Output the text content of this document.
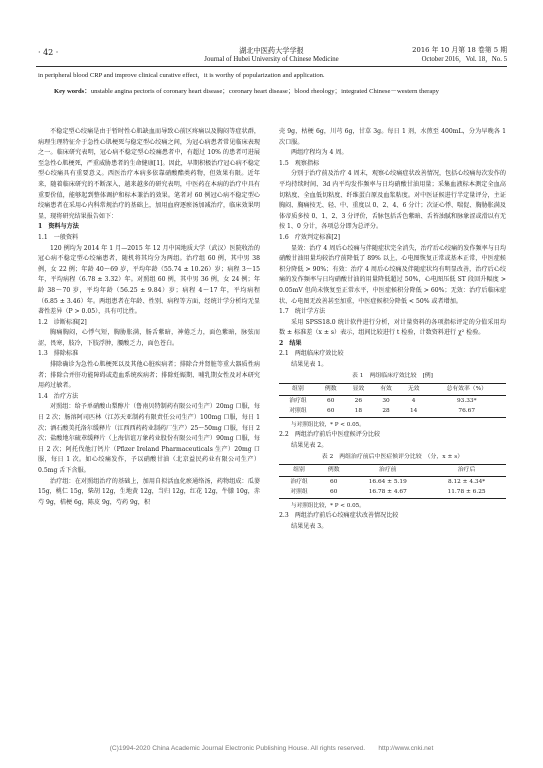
· 42 ·	湖北中医药大学学报
Journal of Hubei University of Chinese Medicine
2016 年 10 月第 18 卷第 5 期
October 2016，Vol. 18，No. 5
in peripheral blood CRP and improve clinical curative effect，it is worthy of popularization and application.
Key words：unstable angina pectoris of coronary heart disease；coronary heart disease；blood rheology；integrated Chinese－western therapy

不稳定型心绞痛是由于暂时性心肌缺血而导致心前区疼痛以及胸闷等症状群，病理生理特征介于急性心肌梗死与稳定型心绞痛之间，为冠心病患者常见临床表现之一。临床研究表明，冠心病不稳定型心绞痛患者中，有超过 10% 的患者可进展至急性心肌梗死，严重威胁患者的生命健康[1]。因此，早期积极治疗冠心病不稳定型心绞痛具有重要意义。西医治疗本病多依靠硝酸酯类药物，但效果有限。近年来，随着临床研究的不断深入，越来越多的研究表明，中医药在本病的治疗中具有重要价值，能够起到整体调护和标本兼治的效果。笔者对 60 例冠心病不稳定型心绞痛患者在采用心内科常规治疗的基础上，加用血府逐瘀汤加减治疗，临床效果明显，现将研究结果报告如下：

1　资料与方法

1.1　一般资料

120 例均为 2014 年 1 月—2015 年 12 月中国地质大学（武汉）医院收治的冠心病不稳定型心绞痛患者，随机将其均分为两组。治疗组 60 例，其中男 38 例，女 22 例；年龄 40～69 岁，平均年龄（55.74 ± 10.26）岁；病程 3～15 年，平均病程（6.78 ± 3.32）年。对照组 60 例，其中男 36 例，女 24 例；年龄 38～70 岁，平均年龄（56.25 ± 9.84）岁；病程 4～17 年，平均病程（6.85 ± 3.46）年。两组患者在年龄、性别、病程等方面，经统计学分析均无显著性差异（P > 0.05），具有可比性。

1.2　诊断标准[2]

胸痛胸闷，心悸气短，胸胁胀满，肠舌紫暗，神倦乏力，面色紫暗，脉弦而涩，畏寒，肢冷，下肢浮肿，腰酸乏力，面色苍白。

1.3　排除标准

排除确诊为急性心肌梗死以及其他心脏疾病者；排除合并肾脏等重大器质性病者；排除合并肝功能障碍或造血系统疾病者；排除妊娠期、哺乳期女性及对本研究用药过敏者。

1.4　治疗方法

对照组：给予单硝酸山梨醇片（鲁南贝特制药有限公司生产）20mg 口服，每日 2 次；肠溶阿司匹林（江苏天亚制药有限责任公司生产）100mg 口服，每日 1 次；酒石酸美托洛尔缓释片（江西西药药业制药厂生产）25～50mg 口服，每日 2 次；盐酸地尔硫䓬缓释片（上海信谊万象药业股份有限公司生产）90mg 口服，每日 2 次；阿托伐他汀钙片（Pfizer Ireland Pharmaceuticals 生产）20mg 口服，每日 1 次。如心绞痛发作，予以硝酸甘油（北京益民药业有限公司生产）0.5mg 舌下含服。

治疗组：在对照组治疗的基础上，加用自拟活血化瘀通络汤，药物组成：瓜蒌 15g，桃仁 15g，柴胡 12g，生地黄 12g，当归 12g，红花 12g，牛膝 10g，赤芍 9g，桔梗 6g，陈皮 9g，芍药 9g，积

壳 9g，枯梗 6g，川芎 6g，甘草 3g。每日 1 剂，水煎至 400mL，分为早晚各 1 次口服。

两组疗程均为 4 周。

1.5　观察指标

分别于治疗前及治疗 4 周末，观察心绞痛症状改善情况，包括心绞痛每次发作的平均持续时间、3d 内平均发作频率与日均硝酸甘油用量；采集血液标本测定全血高切粘度、全血低切粘度、纤维蛋白原及血浆粘度。对中医证候进行半定量评分，主证胸闷、胸痛按无、轻、中、重度以 0、2、4、6 分计；次证心悸、喘促、胸胁胀满及体帝质多按 0、1、2、3 分评价，舌脉包括舌色紫暗、舌苔浊腻和脉象涩或滑以有无按 1、0 分计，各项总分即为总评分。

1.6　疗效判定标准[2]

显效：治疗 4 周后心绞痛与伴随症状完全消失，治疗后心绞痛的发作频率与日均硝酸甘油用量均较治疗前降低了 89% 以上，心电图恢复正常或基本正常，中医症候积分降低 > 90%；有效：治疗 4 周后心绞痛及伴随症状均有明显改善，治疗后心绞痛的发作频率与日均硝酸甘油的用量降低超过 50%，心电图压低 ST 段回升幅度 > 0.05mV 但尚未恢复至正常水平，中医症候积分降低 > 60%；无效：治疗后临床症状、心电图无改善甚至加重，中医症候积分降低 < 50% 或者增加。

1.7　统计学方法

采用 SPSS18.0 统计软件进行分析，对计量资料的各项指标评定的分值采用均数 ± 标准差（x ± s）表示，组间比较进行 t 检验，计数资料进行 χ² 检验。

2　结果

2.1　两组临床疗效比较

结果见表 1。

表 1　两组临床疗效比较　[例]

组别	例数	显效	有效	无效	总有效率（%）
治疗组	60	26	30	4	93.33*
对照组	60	18	28	14	76.67

与对照组比较，* P < 0.05。

2.2　两组治疗前后中医症候评分比较

结果见表 2。

表 2　两组治疗前后中医症候评分比较　（分，x ± s）

组别	例数	治疗前	治疗后
治疗组	60	16.64 ± 5.19	8.12 ± 4.34*
对照组	60	16.78 ± 4.67	11.78 ± 6.25

与对照组比较，* P < 0.05。

2.3　两组治疗前后心绞痛症状改善情况比较

结果见表 3。

(C)1994-2020 China Academic Journal Electronic Publishing House. All rights reserved.　　http://www.cnki.net
